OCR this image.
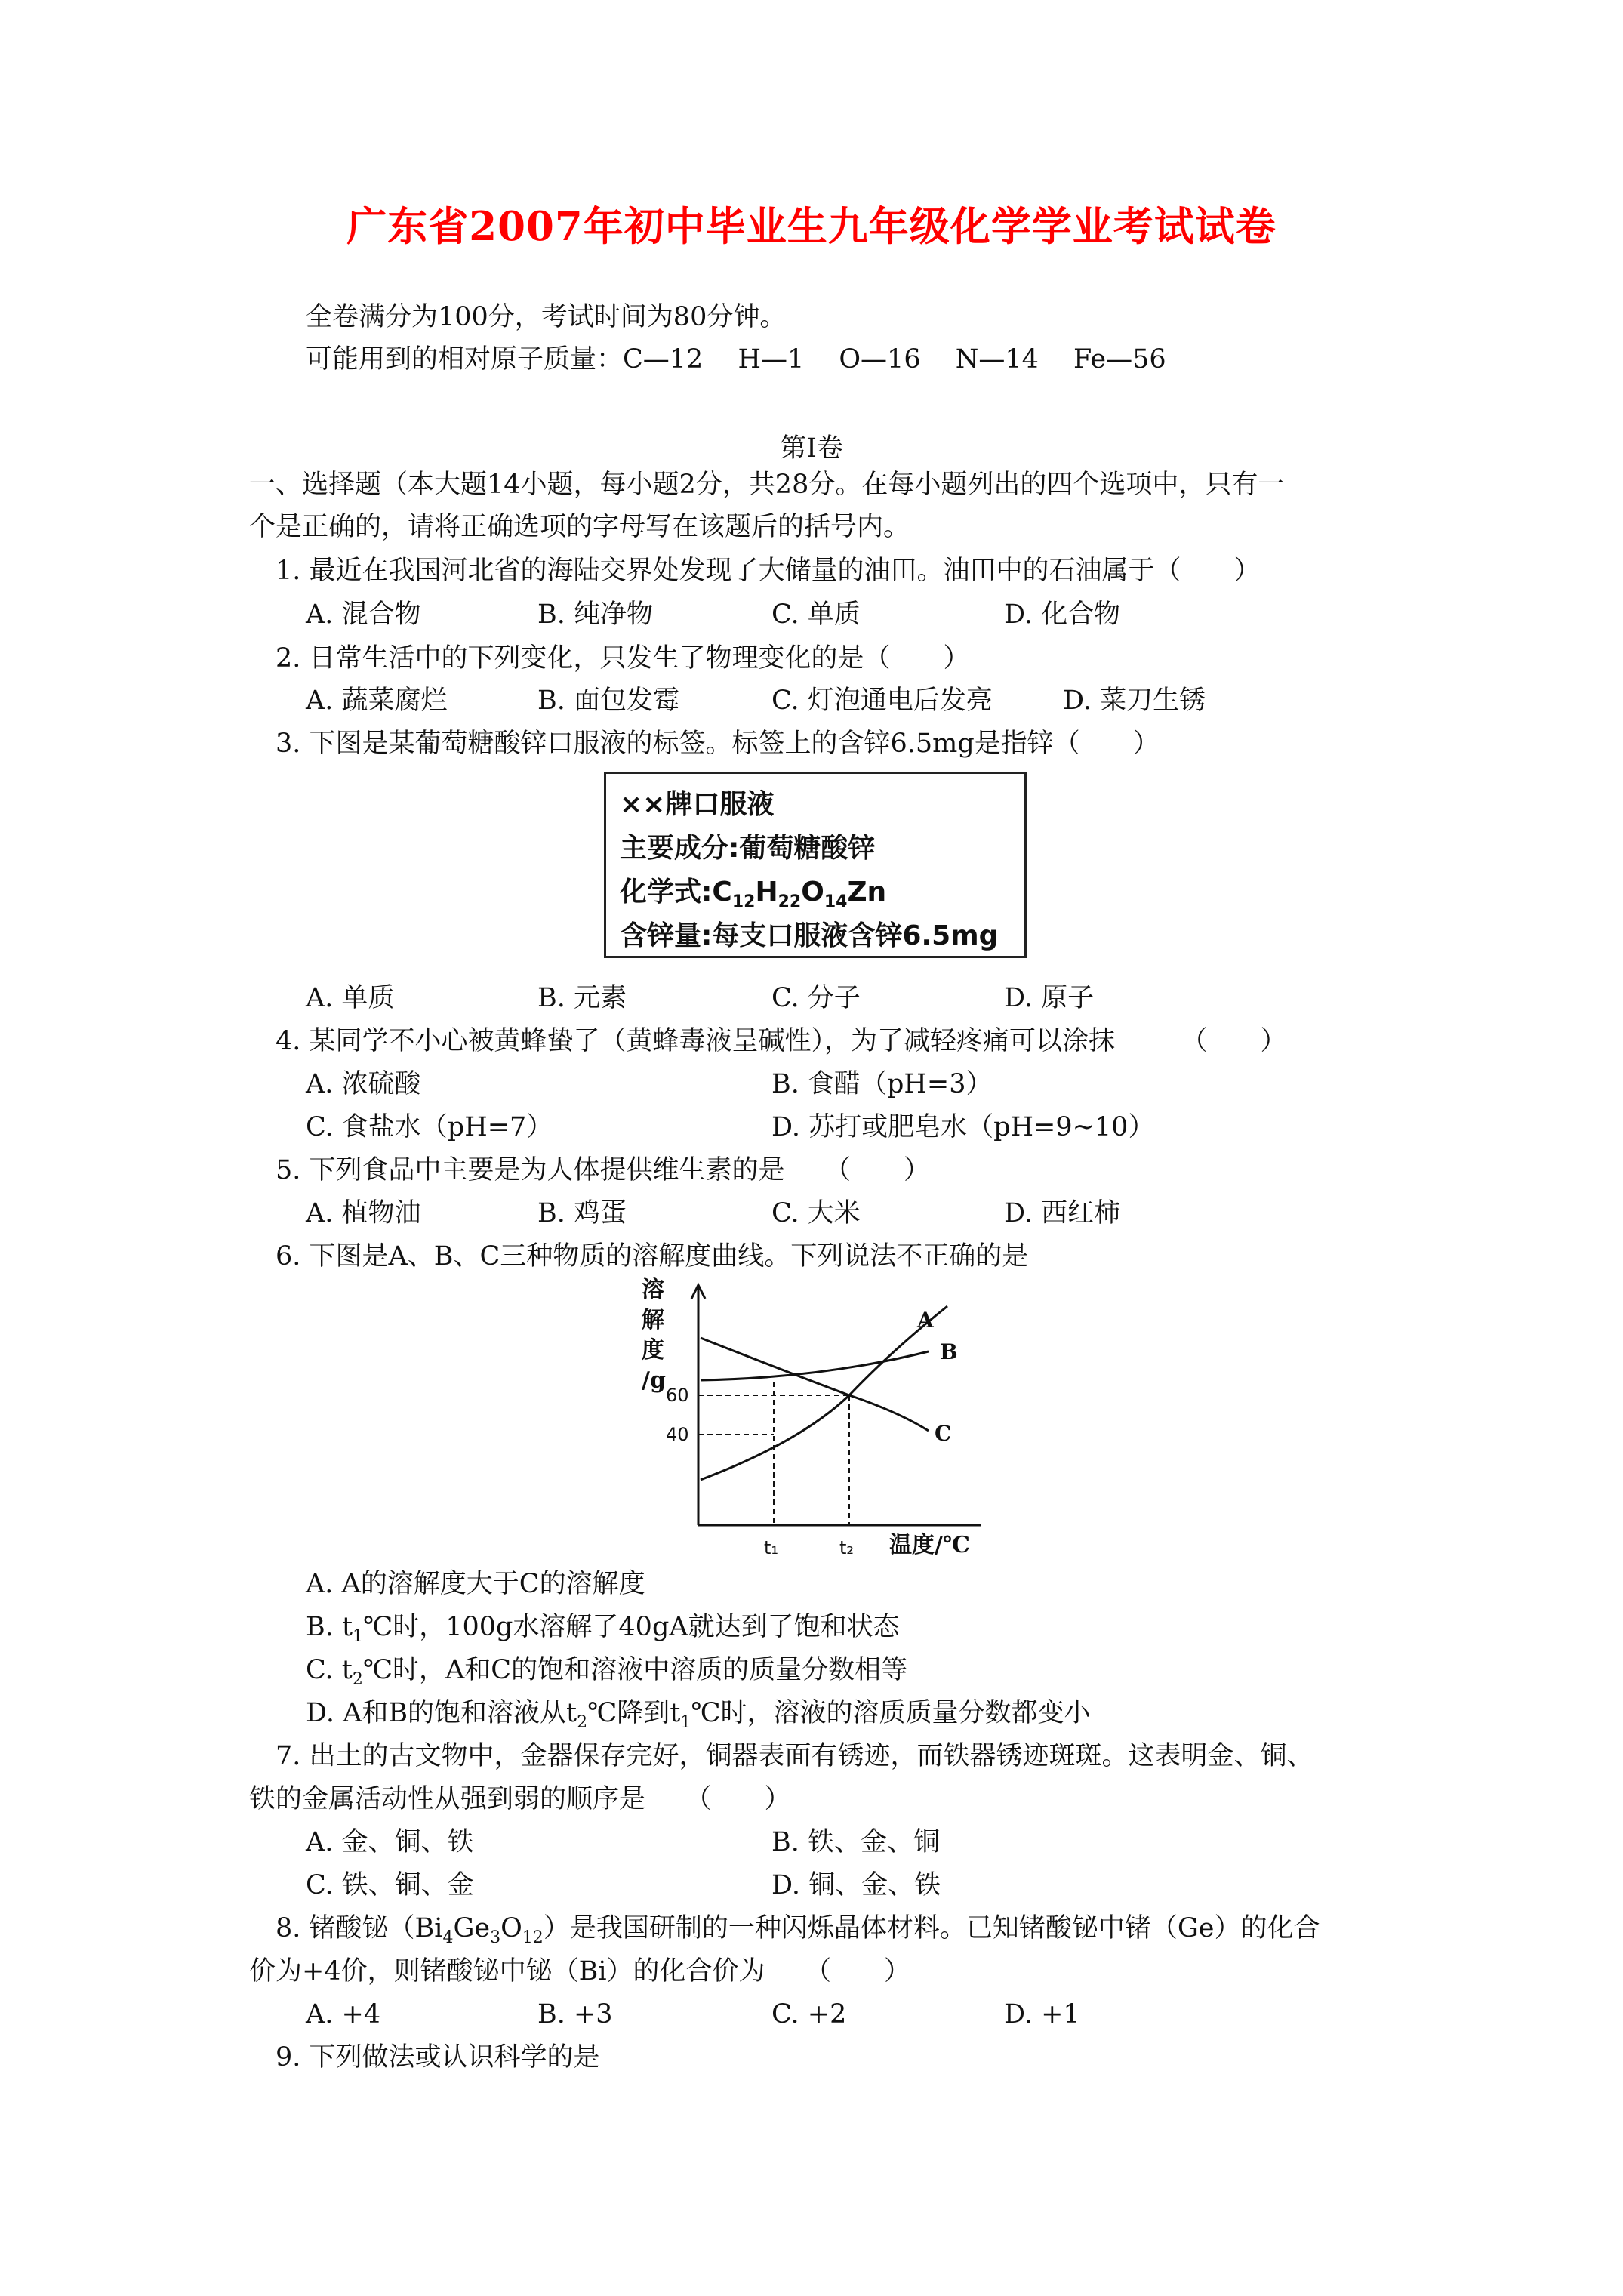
广东省2007年初中毕业生九年级化学学业考试试卷
全卷满分为100分，考试时间为80分钟。
可能用到的相对原子质量：C—12　 H—1　 O—16　 N—14　 Fe—56
第Ⅰ卷
一、选择题（本大题14小题，每小题2分，共28分。在每小题列出的四个选项中，只有一
个是正确的，请将正确选项的字母写在该题后的括号内。
1. 最近在我国河北省的海陆交界处发现了大储量的油田。油田中的石油属于（　　）
A. 混合物	B. 纯净物	C. 单质	D. 化合物
2. 日常生活中的下列变化，只发生了物理变化的是（　　）
A. 蔬菜腐烂	B. 面包发霉	C. 灯泡通电后发亮	D. 菜刀生锈
3. 下图是某葡萄糖酸锌口服液的标签。标签上的含锌6.5mg是指锌（　　）
××牌口服液
主要成分:葡萄糖酸锌
化学式$:C_{12}H_{22}O_{14}Zn$
含锌量:每支口服液含锌6.5mg
A. 单质	B. 元素	C. 分子	D. 原子
4. 某同学不小心被黄蜂蛰了（黄蜂毒液呈碱性），为了减轻疼痛可以涂抹　　　（　　）
A. 浓硫酸	B. 食醋（pH=3）
C. 食盐水（pH=7）	D. 苏打或肥皂水（pH=9~10）
5. 下列食品中主要是为人体提供维生素的是　　（　　）
A. 植物油	B. 鸡蛋	C. 大米	D. 西红柿
6. 下图是A、B、C三种物质的溶解度曲线。下列说法不正确的是
A
B
C
溶
解
度
/g
60
40
t₁	t₂ 温度/℃
A. A的溶解度大于C的溶解度
B. $t_1℃$时，100g水溶解了40gA就达到了饱和状态
C. $t_2℃$时，A和C的饱和溶液中溶质的质量分数相等
D. A和B的饱和溶液从$t_2℃$降到$t_1℃$时，溶液的溶质质量分数都变小
7. 出土的古文物中，金器保存完好，铜器表面有锈迹，而铁器锈迹斑斑。这表明金、铜、
铁的金属活动性从强到弱的顺序是　　（　　）
A. 金、铜、铁	B. 铁、金、铜
C. 铁、铜、金	D. 铜、金、铁
8. 锗酸铋$(Bi_4Ge_3O_{12})$是我国研制的一种闪烁晶体材料。已知锗酸铋中锗（Ge）的化合
价为+4价，则锗酸铋中铋（Bi）的化合价为　　（　　）
A. +4	B. +3	C. +2	D. +1
9. 下列做法或认识科学的是
